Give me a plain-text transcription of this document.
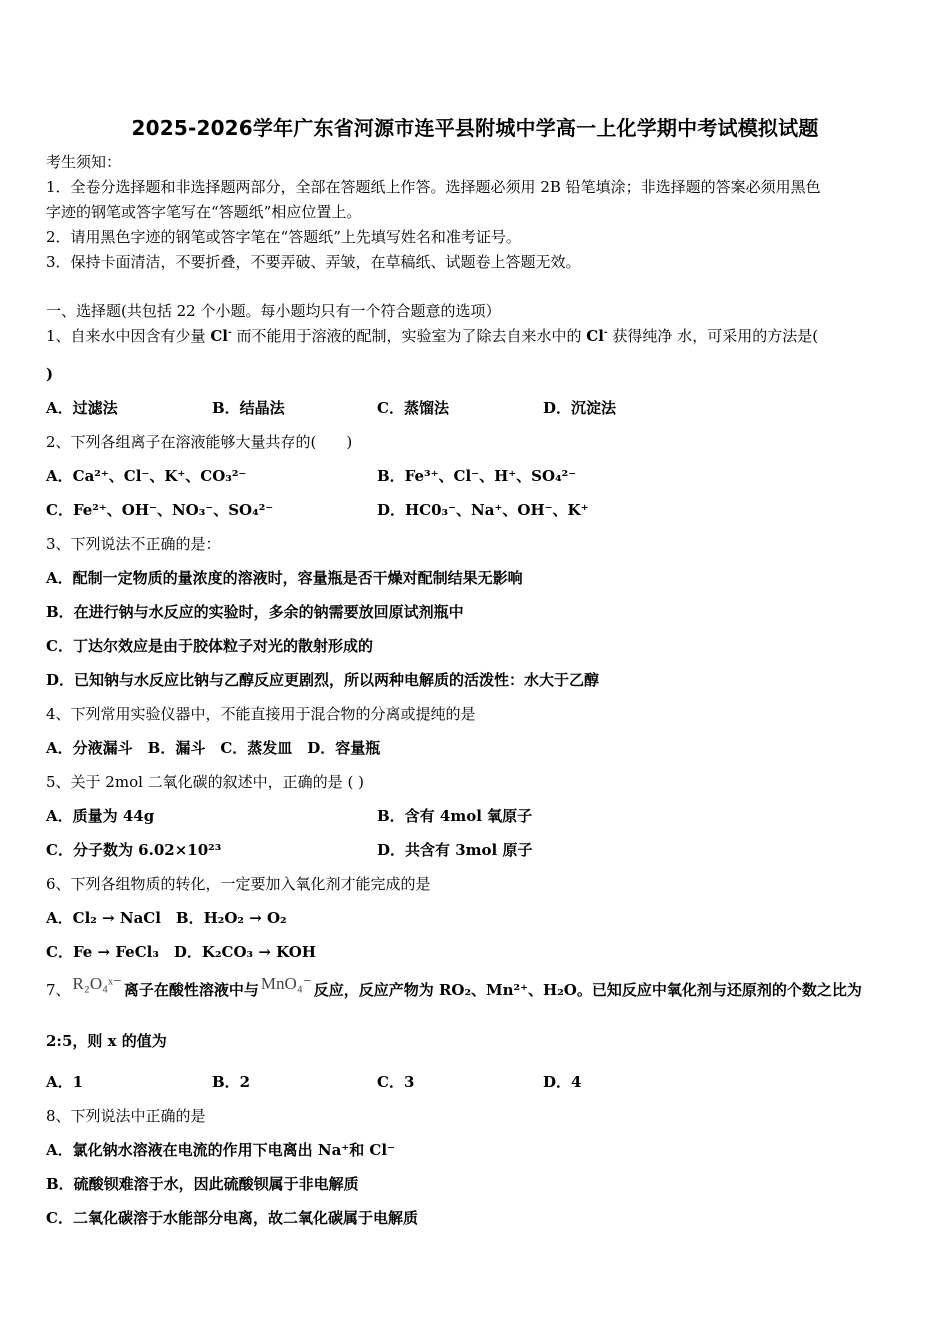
2025-2026学年广东省河源市连平县附城中学高一上化学期中考试模拟试题
考生须知：
1．全卷分选择题和非选择题两部分，全部在答题纸上作答。选择题必须用 2B 铅笔填涂；非选择题的答案必须用黑色
字迹的钢笔或答字笔写在“答题纸”相应位置上。
2．请用黑色字迹的钢笔或答字笔在“答题纸”上先填写姓名和准考证号。
3．保持卡面清洁，不要折叠，不要弄破、弄皱，在草稿纸、试题卷上答题无效。
一、选择题(共包括 22 个小题。每小题均只有一个符合题意的选项）
1、自来水中因含有少量 Cl- 而不能用于溶液的配制，实验室为了除去自来水中的 Cl- 获得纯净 水，可采用的方法是(
)
A．过滤法	B．结晶法	C．蒸馏法	D．沉淀法
2、下列各组离子在溶液能够大量共存的(　　)
A．Ca²⁺、Cl⁻、K⁺、CO₃²⁻	B．Fe³⁺、Cl⁻、H⁺、SO₄²⁻
C．Fe²⁺、OH⁻、NO₃⁻、SO₄²⁻	D．HC0₃⁻、Na⁺、OH⁻、K⁺
3、下列说法不正确的是：
A．配制一定物质的量浓度的溶液时，容量瓶是否干燥对配制结果无影响
B．在进行钠与水反应的实验时，多余的钠需要放回原试剂瓶中
C．丁达尔效应是由于胶体粒子对光的散射形成的
D．已知钠与水反应比钠与乙醇反应更剧烈，所以两种电解质的活泼性：水大于乙醇
4、下列常用实验仪器中，不能直接用于混合物的分离或提纯的是
A．分液漏斗　B．漏斗　C．蒸发皿　D．容量瓶
5、关于 2mol 二氧化碳的叙述中，正确的是 ( )
A．质量为 44g	B．含有 4mol 氧原子
C．分子数为 6.02×10²³	D．共含有 3mol 原子
6、下列各组物质的转化，一定要加入氧化剂才能完成的是
A．Cl₂ → NaCl　B．H₂O₂ → O₂
C．Fe → FeCl₃　D．K₂CO₃ → KOH
7、 R₂O₄ˣ⁻ 离子在酸性溶液中与 MnO₄⁻ 反应，反应产物为 RO₂、Mn²⁺、H₂O。已知反应中氧化剂与还原剂的个数之比为
2:5，则 x 的值为
A．1	B．2	C．3	D．4
8、下列说法中正确的是
A．氯化钠水溶液在电流的作用下电离出 Na⁺和 Cl⁻
B．硫酸钡难溶于水，因此硫酸钡属于非电解质
C．二氧化碳溶于水能部分电离，故二氧化碳属于电解质
